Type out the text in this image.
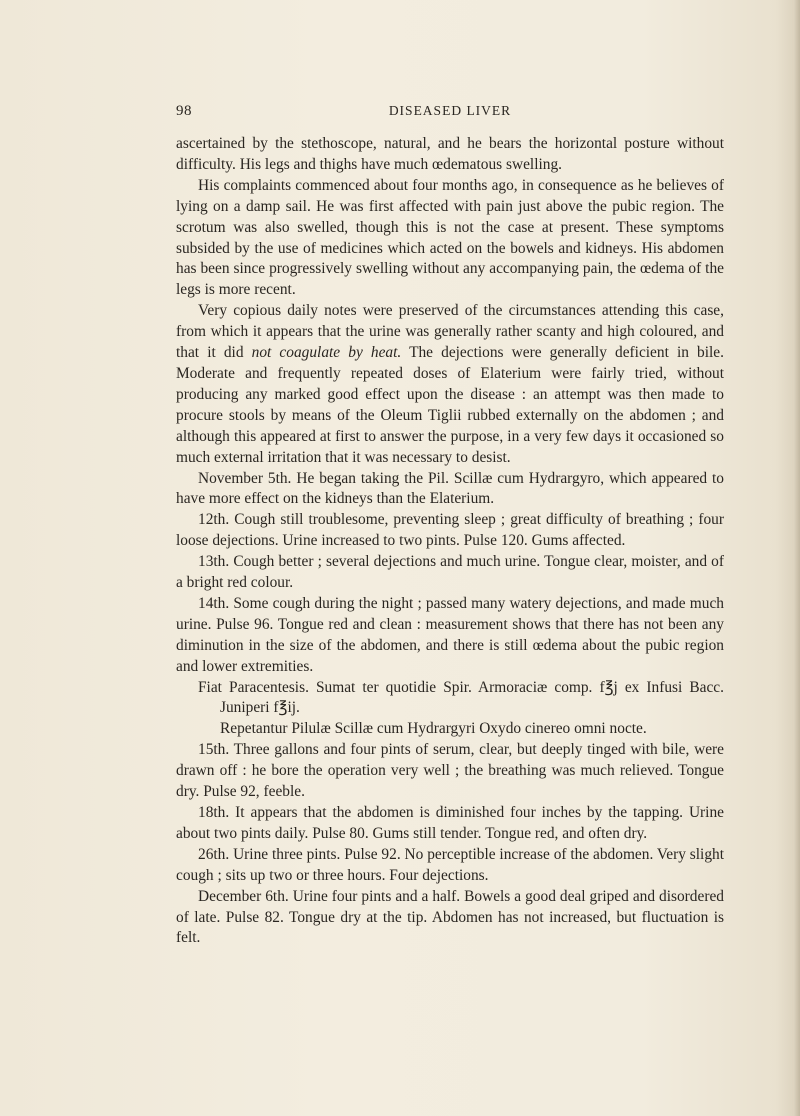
98	DISEASED LIVER

ascertained by the stethoscope, natural, and he bears the horizontal posture without difficulty. His legs and thighs have much œdematous swelling.

His complaints commenced about four months ago, in consequence as he believes of lying on a damp sail. He was first affected with pain just above the pubic region. The scrotum was also swelled, though this is not the case at present. These symptoms subsided by the use of medicines which acted on the bowels and kidneys. His abdomen has been since progressively swelling without any accompanying pain, the œdema of the legs is more recent.

Very copious daily notes were preserved of the circumstances attending this case, from which it appears that the urine was generally rather scanty and high coloured, and that it did not coagulate by heat. The dejections were generally deficient in bile. Moderate and frequently repeated doses of Elaterium were fairly tried, without producing any marked good effect upon the disease : an attempt was then made to procure stools by means of the Oleum Tiglii rubbed externally on the abdomen ; and although this appeared at first to answer the purpose, in a very few days it occasioned so much external irritation that it was necessary to desist.

November 5th. He began taking the Pil. Scillæ cum Hydrargyro, which appeared to have more effect on the kidneys than the Elaterium.

12th. Cough still troublesome, preventing sleep ; great difficulty of breathing ; four loose dejections. Urine increased to two pints. Pulse 120. Gums affected.

13th. Cough better ; several dejections and much urine. Tongue clear, moister, and of a bright red colour.

14th. Some cough during the night ; passed many watery dejections, and made much urine. Pulse 96. Tongue red and clean : measurement shows that there has not been any diminution in the size of the abdomen, and there is still œdema about the pubic region and lower extremities.

Fiat Paracentesis. Sumat ter quotidie Spir. Armoraciæ comp. f℥j ex Infusi Bacc. Juniperi f℥ij.

Repetantur Pilulæ Scillæ cum Hydrargyri Oxydo cinereo omni nocte.

15th. Three gallons and four pints of serum, clear, but deeply tinged with bile, were drawn off : he bore the operation very well ; the breathing was much relieved. Tongue dry. Pulse 92, feeble.

18th. It appears that the abdomen is diminished four inches by the tapping. Urine about two pints daily. Pulse 80. Gums still tender. Tongue red, and often dry.

26th. Urine three pints. Pulse 92. No perceptible increase of the abdomen. Very slight cough ; sits up two or three hours. Four dejections.

December 6th. Urine four pints and a half. Bowels a good deal griped and disordered of late. Pulse 82. Tongue dry at the tip. Abdomen has not increased, but fluctuation is felt.
